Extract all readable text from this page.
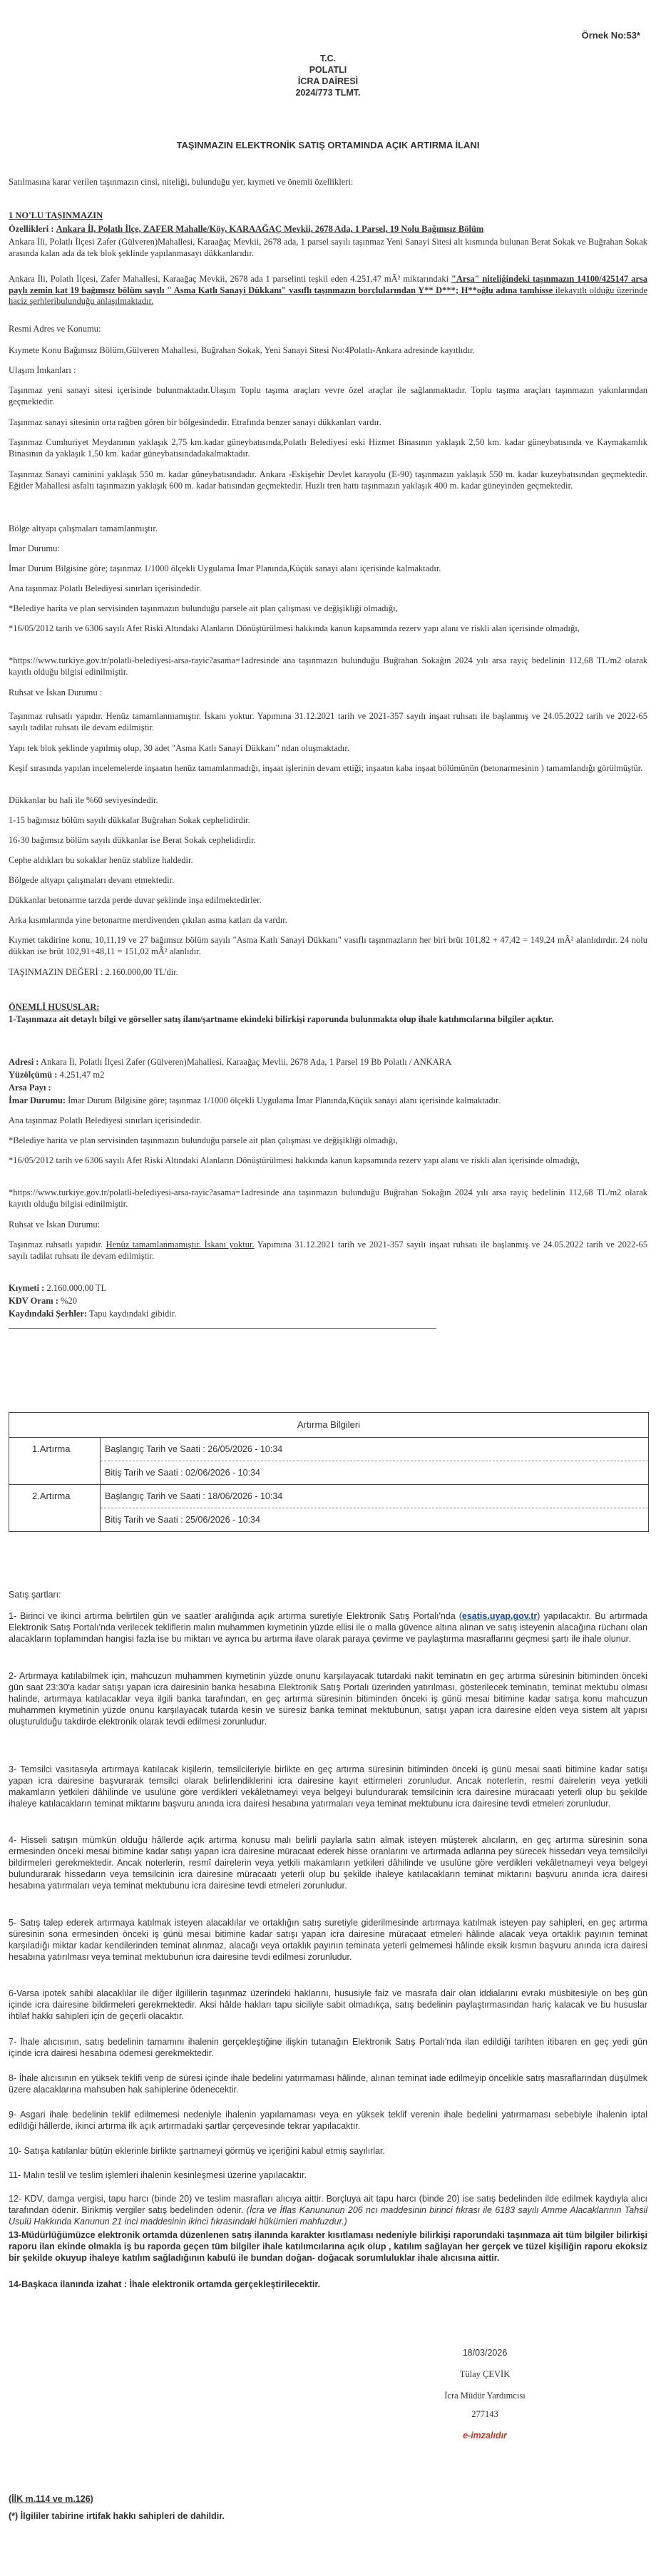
Örnek No:53*
T.C.
POLATLI
İCRA DAİRESİ
2024/773 TLMT.
TAŞINMAZIN ELEKTRONİK SATIŞ ORTAMINDA AÇIK ARTIRMA İLANI
Satılmasına karar verilen taşınmazın cinsi, niteliği, bulunduğu yer, kıymeti ve önemli özellikleri:
1 NO'LU TAŞINMAZIN
Özellikleri : Ankara İl, Polatlı İlçe, ZAFER Mahalle/Köy, KARAAĞAÇ Mevkii, 2678 Ada, 1 Parsel, 19 Nolu Bağımsız Bölüm
Ankara İli, Polatlı İlçesi Zafer (Gülveren)Mahallesi, Karaağaç Mevkii, 2678 ada, 1 parsel sayılı taşınmaz Yeni Sanayi Sitesi alt kısmında bulunan Berat Sokak ve Buğrahan Sokak arasında kalan ada da tek blok şeklinde yapılanmasayı dükkanlarıdır.
Ankara İli, Polatlı İlçesi, Zafer Mahallesi, Karaağaç Mevkii, 2678 ada 1 parselinti teşkil eden 4.251,47 mÂ² miktarındaki "Arsa" niteliğindeki taşınmazın 14100/425147 arsa paylı zemin kat 19 bağımsız bölüm sayılı " Asma Katlı Sanayi Dükkanı" vasıflı taşınmazın borçlularından Y** D***; H**oğlu adına tamhisse ilekayıtlı olduğu üzerinde haciz şerhleribulunduğu anlaşılmaktadır.
Resmi Adres ve Konumu:
Kıymete Konu Bağımsız Bölüm,Gülveren Mahallesi, Buğrahan Sokak, Yeni Sanayi Sitesi No:4Polatlı-Ankara adresinde kayıtlıdır.
Ulaşım İmkanları :
Taşınmaz yeni sanayi sitesi içerisinde bulunmaktadır.Ulaşım Toplu taşıma araçları vevre özel araçlar ile sağlanmaktadır. Toplu taşıma araçları taşınmazın yakınlarından geçmektedir.
Taşınmaz sanayi sitesinin orta rağben gören bir bölgesindedir. Etrafında benzer sanayi dükkanları vardır.
Taşınmaz Cumhuriyet Meydanının yaklaşık 2,75 km.kadar güneybatısında,Polatlı Belediyesi eski Hizmet Binasının yaklaşık 2,50 km. kadar güneybatısında ve Kaymakamlık Binasının da yaklaşık 1,50 km. kadar güneybatısındadakalmaktadır.
Taşınmaz Sanayi caminini yaklaşık 550 m. kadar güneybatısındadır. Ankara -Eskişehir Devlet karayolu (E-90) taşınmazın yaklaşık 550 m. kadar kuzeybatısından geçmektedir. Eğitler Mahallesi asfaltı taşınmazın yaklaşık 600 m. kadar batısından geçmektedir. Huzlı tren hattı taşınmazın yaklaşık 400 m. kadar güneyinden geçmektedir.
Bölge altyapı çalışmaları tamamlanmıştır.
İmar Durumu:
İmar Durum Bilgisine göre; taşınmaz 1/1000 ölçekli Uygulama İmar Planında,Küçük sanayi alanı içerisinde kalmaktadır.
Ana taşınmaz Polatlı Belediyesi sınırları içerisindedir.
*Belediye harita ve plan servisinden taşınmazın bulunduğu parsele ait plan çalışması ve değişikliği olmadığı,
*16/05/2012 tarih ve 6306 sayılı Afet Riski Altındaki Alanların Dönüştürülmesi hakkında kanun kapsamında rezerv yapı alanı ve riskli alan içerisinde olmadığı,
*https://www.turkiye.gov.tr/polatli-belediyesi-arsa-rayic?asama=1adresinde ana taşınmazın bulunduğu Buğrahan Sokağın 2024 yılı arsa rayiç bedelinin 112,68 TL/m2 olarak kayıtlı olduğu bilgisi edinilmiştir.
Ruhsat ve İskan Durumu :
Taşınmaz ruhsatlı yapıdır. Henüz tamamlanmamıştır. İskanı yoktur. Yapımına 31.12.2021 tarih ve 2021-357 sayılı inşaat ruhsatı ile başlanmış ve 24.05.2022 tarih ve 2022-65 sayılı tadilat ruhsatı ile devam edilmiştir.
Yapı tek blok şeklinde yapılmış olup, 30 adet "Asma Katlı Sanayi Dükkanı" ndan oluşmaktadır.
Keşif sırasında yapılan incelemelerde inşaatın henüz tamamlanmadığı, inşaat işlerinin devam ettiği; inşaatın kaba inşaat bölümünün (betonarmesinin ) tamamlandığı görülmüştür.
Dükkanlar bu hali ile %60 seviyesindedir.
1-15 bağımsız bölüm sayılı dükkalar Buğrahan Sokak cephelidirdir.
16-30 bağımsız bölüm sayılı dükkanlar ise Berat Sokak cephelidirdir.
Cephe aldıkları bu sokaklar henüz stablize haldedir.
Bölgede altyapı çalışmaları devam etmektedir.
Dükkanlar betonarme tarzda perde duvar şeklinde inşa edilmektedirler.
Arka kısımlarında yine betonarme merdivenden çıkılan asma katları da vardır.
Kıymet takdirine konu, 10,11,19 ve 27 bağımsız bölüm sayılı "Asma Katlı Sanayi Dükkanı" vasıflı taşınmazların her biri brüt 101,82 + 47,42 = 149,24 mÂ² alanlıdırdır. 24 nolu dükkan ise brüt 102,91+48,11 = 151,02 mÂ² alanlıdır.
TAŞINMAZIN DEĞERİ : 2.160.000,00 TL'dir.
ÖNEMLİ HUSUSLAR:
1-Taşınmaza ait detaylı bilgi ve görseller satış ilanı/şartname ekindeki bilirkişi raporunda bulunmakta olup ihale katılımcılarına bilgiler açıktır.
Adresi : Ankara İl, Polatlı İlçesi Zafer (Gülveren)Mahallesi, Karaağaç Mevlii, 2678 Ada, 1 Parsel 19 Bb Polatlı / ANKARA
Yüzölçümü : 4.251,47 m2
Arsa Payı :
İmar Durumu: İmar Durum Bilgisine göre; taşınmaz 1/1000 ölçekli Uygulama İmar Planında,Küçük sanayi alanı içerisinde kalmaktadır.
Ana taşınmaz Polatlı Belediyesi sınırları içerisindedir.
*Belediye harita ve plan servisinden taşınmazın bulunduğu parsele ait plan çalışması ve değişikliği olmadığı,
*16/05/2012 tarih ve 6306 sayılı Afet Riski Altındaki Alanların Dönüştürülmesi hakkında kanun kapsamında rezerv yapı alanı ve riskli alan içerisinde olmadığı,
*https://www.turkiye.gov.tr/polatli-belediyesi-arsa-rayic?asama=1adresinde ana taşınmazın bulunduğu Buğrahan Sokağın 2024 yılı arsa rayiç bedelinin 112,68 TL/m2 olarak kayıtlı olduğu bilgisi edinilmiştir.
Ruhsat ve İskan Durumu:
Taşınmaz ruhsatlı yapıdır. Henüz tamamlanmamıştır. İskanı yoktur. Yapımına 31.12.2021 tarih ve 2021-357 sayılı inşaat ruhsatı ile başlanmış ve 24.05.2022 tarih ve 2022-65 sayılı tadilat ruhsatı ile devam edilmiştir.
Kıymeti : 2.160.000,00 TL
KDV Oranı : %20
Kaydındaki Şerhler: Tapu kaydındaki gibidir.
Artırma Bilgileri
1.Artırma	Başlangıç Tarih ve Saati : 26/05/2026 - 10:34
Bitiş Tarih ve Saati : 02/06/2026 - 10:34
2.Artırma	Başlangıç Tarih ve Saati : 18/06/2026 - 10:34
Bitiş Tarih ve Saati : 25/06/2026 - 10:34
Satış şartları:
1- Birinci ve ikinci artırma belirtilen gün ve saatler aralığında açık artırma suretiyle Elektronik Satış Portalı'nda (esatis.uyap.gov.tr) yapılacaktır. Bu artırmada Elektronik Satış Portalı'nda verilecek tekliflerin malın muhammen kıymetinin yüzde ellisi ile o malla güvence altına alınan ve satış isteyenin alacağına rüchanı olan alacakların toplamından hangisi fazla ise bu miktarı ve ayrıca bu artırma ilave olarak paraya çevirme ve paylaştırma masraflarını geçmesi şartı ile ihale olunur.
2- Artırmaya katılabilmek için, mahcuzun muhammen kıymetinin yüzde onunu karşılayacak tutardaki nakit teminatın en geç artırma süresinin bitiminden önceki gün saat 23:30'a kadar satışı yapan icra dairesinin banka hesabına Elektronik Satış Portalı üzerinden yatırılması, gösterilecek teminatın, teminat mektubu olması halinde, artırmaya katılacaklar veya ilgili banka tarafından, en geç artırma süresinin bitiminden önceki iş günü mesai bitimine kadar satışa konu mahcuzun muhammen kıymetinin yüzde onunu karşılayacak tutarda kesin ve süresiz banka teminat mektubunun, satışı yapan icra dairesine elden veya sistem alt yapısı oluşturulduğu takdirde elektronik olarak tevdi edilmesi zorunludur.
3- Temsilci vasıtasıyla artırmaya katılacak kişilerin, temsilcileriyle birlikte en geç artırma süresinin bitiminden önceki iş günü mesai saati bitimine kadar satışı yapan icra dairesine başvurarak temsilci olarak belirlendiklerini icra dairesine kayıt ettirmeleri zorunludur. Ancak noterlerin, resmi dairelerin veya yetkili makamların yetkileri dâhilinde ve usulüne göre verdikleri vekâletnameyi veya belgeyi bulundurarak temsilcinin icra dairesine müracaatı yeterli olup bu şekilde ihaleye katılacakların teminat miktarını başvuru anında icra dairesi hesabına yatırmaları veya teminat mektubunu icra dairesine tevdi etmeleri zorunludur.
4- Hisseli satışın mümkün olduğu hâllerde açık artırma konusu malı belirli paylarla satın almak isteyen müşterek alıcıların, en geç artırma süresinin sona ermesinden önceki mesai bitimine kadar satışı yapan icra dairesine müracaat ederek hisse oranlarını ve artırmada adlarına pey sürecek hissedarı veya temsilcilyi bildirmeleri gerekmektedir. Ancak noterlerin, resmî dairelerin veya yetkili makamların yetkileri dâhilinde ve usulüne göre verdikleri vekâletnameyi veya belgeyi bulundurarak hissedarın veya temsilcinin icra dairesine müracaatı yeterli olup bu şekilde ihaleye katılacakların teminat miktarını başvuru anında icra dairesi hesabına yatırmaları veya teminat mektubunu icra dairesine tevdi etmeleri zorunludur.
5- Satış talep ederek artırmaya katılmak isteyen alacaklılar ve ortaklığın satış suretiyle giderilmesinde artırmaya katılmak isteyen pay sahipleri, en geç artırma süresinin sona ermesinden önceki iş günü mesai bitimine kadar satışı yapan icra dairesine müracaat etmeleri hâlinde alacak veya ortaklık payının teminat karşıladığı miktar kadar kendilerinden teminat alınmaz, alacağı veya ortaklık payının teminata yeterli gelmemesi hâlinde eksik kısmın başvuru anında icra dairesi hesabına yatırılması veya teminat mektubunun icra dairesine tevdi edilmesi zorunludur.
6-Varsa ipotek sahibi alacaklılar ile diğer ilgililerin taşınmaz üzerindeki haklarını, hususiyle faiz ve masrafa dair olan iddialarını evrakı müsbitesiyle on beş gün içinde icra dairesine bildirmeleri gerekmektedir. Aksi hâlde hakları tapu siciliyle sabit olmadıkça, satış bedelinin paylaştırmasından hariç kalacak ve bu hususlar ihtilaf hakkı sahipleri için de geçerli olacaktır.
7- İhale alıcısının, satış bedelinin tamamını ihalenin gerçekleştiğine ilişkin tutanağın Elektronik Satış Portalı'nda ilan edildiği tarihten itibaren en geç yedi gün içinde icra dairesi hesabına ödemesi gerekmektedir.
8- İhale alıcısının en yüksek teklifi verip de süresi içinde ihale bedelini yatırmaması hâlinde, alınan teminat iade edilmeyip öncelikle satış masraflarından düşülmek üzere alacaklarına mahsuben hak sahiplerine ödenecektir.
9- Asgari ihale bedelinin teklif edilmemesi nedeniyle ihalenin yapılamaması veya en yüksek teklif verenin ihale bedelini yatırmaması sebebiyle ihalenin iptal edildiği hâllerde, ikinci artırma ilk açık artırmadaki şartlar çerçevesinde tekrar yapılacaktır.
10- Satışa katılanlar bütün eklerinle birlikte şartnameyi görmüş ve içeriğini kabul etmiş sayılırlar.
11- Malın teslil ve teslim işlemleri ihalenin kesinleşmesi üzerine yapılacaktır.
12- KDV, damga vergisi, tapu harcı (binde 20) ve teslim masrafları alıcıya aittir. Borçluya ait tapu harcı (binde 20) ise satış bedelinden ilde edilmek kaydıyla alıcı tarafından ödenir. Birikmiş vergiler satış bedelinden ödenir. (İcra ve İflas Kanununun 206 ncı maddesinin birinci fıkrası ile 6183 sayılı Amme Alacaklarının Tahsil Usulü Hakkında Kanunun 21 inci maddesinin ikinci fıkrasındaki hükümleri mahfuzdur.)
13-Müdürlüğümüzce elektronik ortamda düzenlenen satış ilanında karakter kısıtlaması nedeniyle bilirkişi raporundaki taşınmaza ait tüm bilgiler bilirkişi raporu ilan ekinde olmakla iş bu raporda geçen tüm bilgiler ihale katılımcılarına açık olup , katılım sağlayan her gerçek ve tüzel kişiliğin raporu ekoksiz bir şekilde okuyup ihaleye katılım sağladığının kabulü ile bundan doğan- doğacak sorumluluklar ihale alıcısına aittir.
14-Başkaca ilanında izahat : İhale elektronik ortamda gerçekleştirilecektir.
18/03/2026
Tülay ÇEVİK
İcra Müdür Yardımcısı
277143
e-imzalıdır
(İİK m.114 ve m.126)
(*) İlgililer tabirine irtifak hakkı sahipleri de dahildir.
